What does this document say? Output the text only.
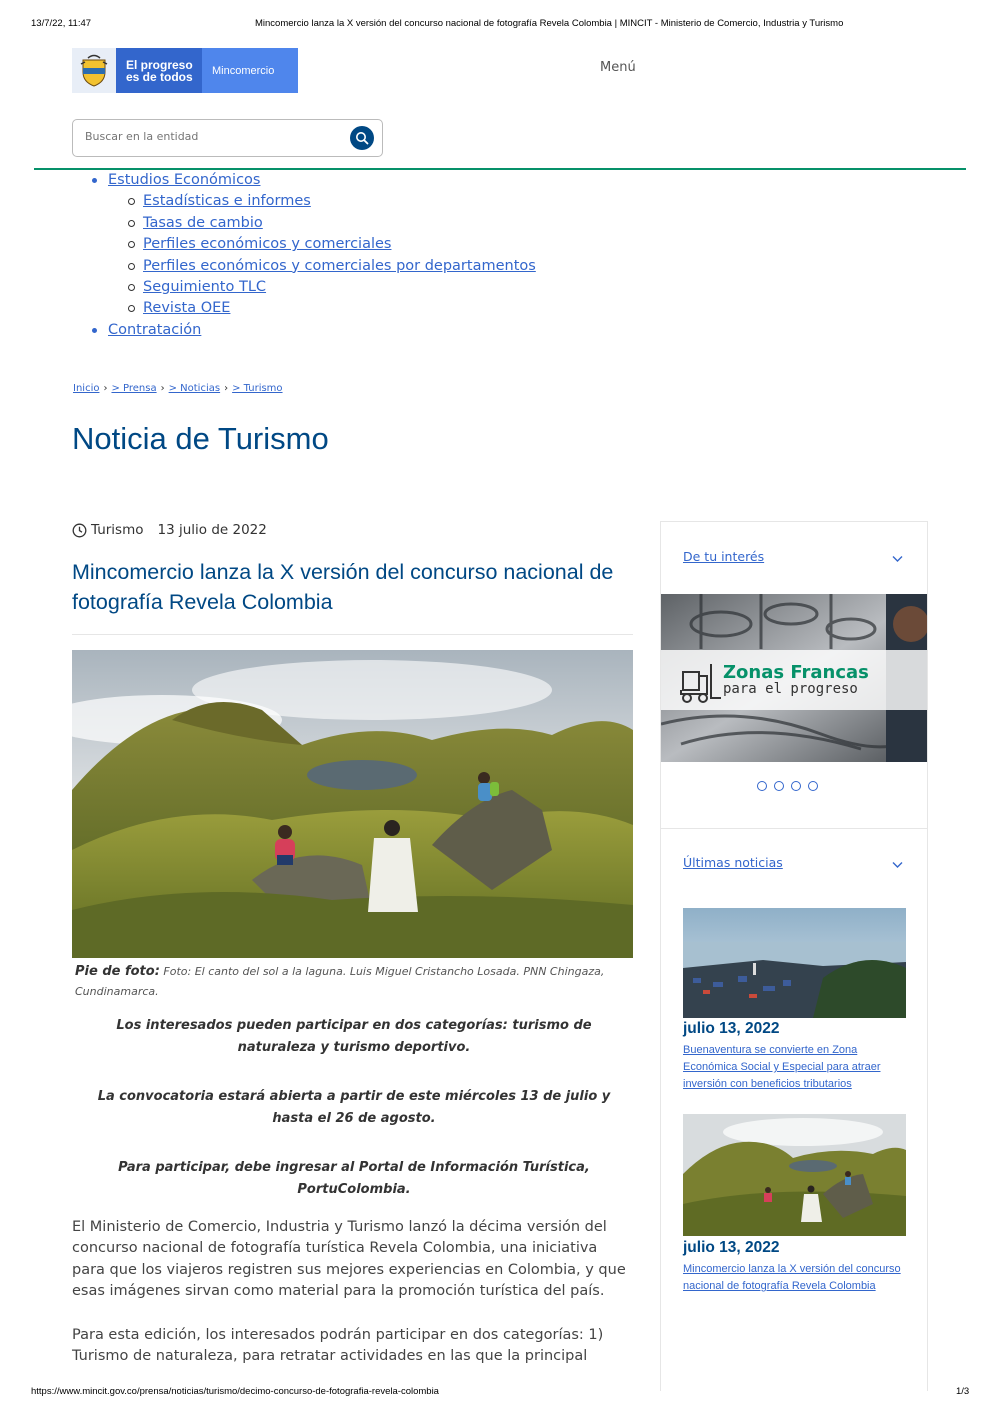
13/7/22, 11:47	Mincomercio lanza la X versión del concurso nacional de fotografía Revela Colombia | MINCIT - Ministerio de Comercio, Industria y Turismo
https://www.mincit.gov.co/prensa/noticias/turismo/decimo-concurso-de-fotografia-revela-colombia	1/3
El progreso
es de todos	Mincomercio	Menú
Buscar en la entidad
Estudios Económicos
Estadísticas e informes
Tasas de cambio
Perfiles económicos y comerciales
Perfiles económicos y comerciales por departamentos
Seguimiento TLC
Revista OEE
Contratación
Inicio › > Prensa › > Noticias › > Turismo
Noticia de Turismo
Turismo 13 julio de 2022
Mincomercio lanza la X versión del concurso nacional de fotografía Revela Colombia
Pie de foto: Foto: El canto del sol a la laguna. Luis Miguel Cristancho Losada. PNN Chingaza, Cundinamarca.
Los interesados pueden participar en dos categorías: turismo de naturaleza y turismo deportivo.
La convocatoria estará abierta a partir de este miércoles 13 de julio y hasta el 26 de agosto.
Para participar, debe ingresar al Portal de Información Turística, PortuColombia.
El Ministerio de Comercio, Industria y Turismo lanzó la décima versión del concurso nacional de fotografía turística Revela Colombia, una iniciativa para que los viajeros registren sus mejores experiencias en Colombia, y que esas imágenes sirvan como material para la promoción turística del país.
Para esta edición, los interesados podrán participar en dos categorías: 1) Turismo de naturaleza, para retratar actividades en las que la principal
De tu interés
Zonas Francas
para el progreso
Últimas noticias
julio 13, 2022
Buenaventura se convierte en Zona Económica Social y Especial para atraer inversión con beneficios tributarios
julio 13, 2022
Mincomercio lanza la X versión del concurso nacional de fotografía Revela Colombia
